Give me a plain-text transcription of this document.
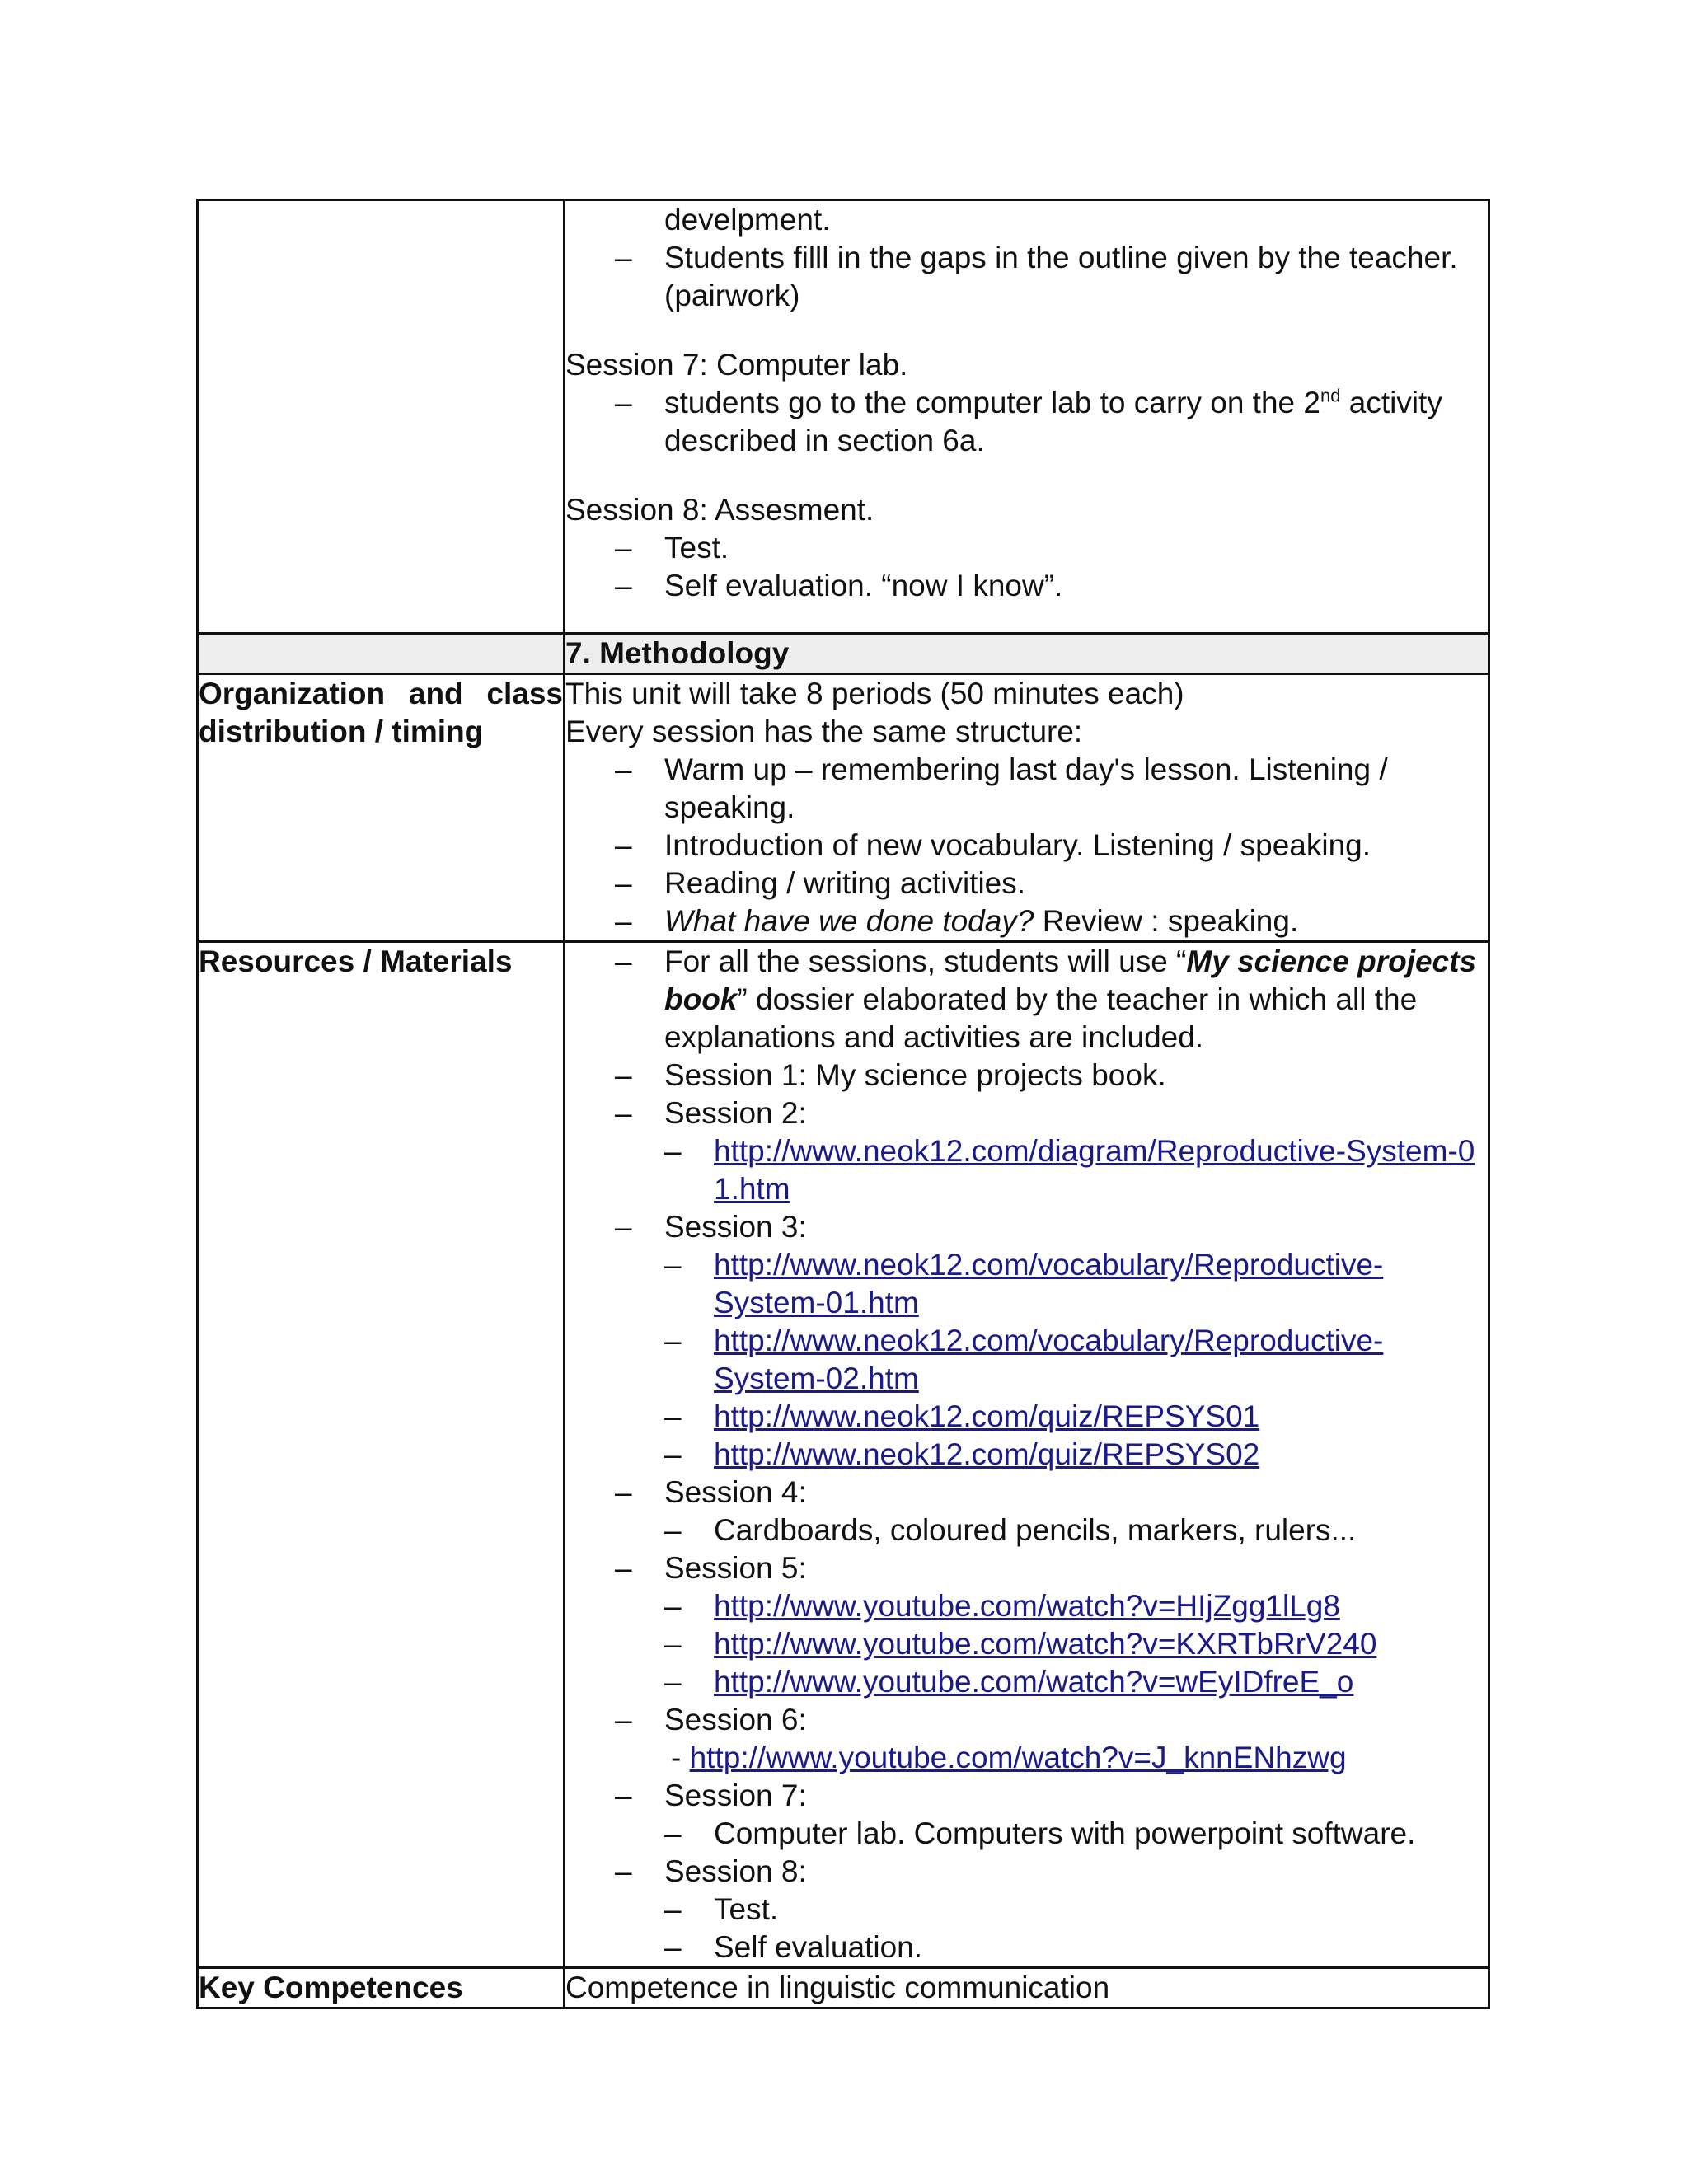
develpment.
– Students filll in the gaps in the outline given by the teacher. (pairwork)
Session 7: Computer lab.
– students go to the computer lab to carry on the 2nd activity described in section 6a.
Session 8: Assesment.
– Test.
– Self evaluation. “now I know”.
7. Methodology
Organization and class
distribution / timing
This unit will take 8 periods (50 minutes each)
Every session has the same structure:
– Warm up – remembering last day's lesson. Listening / speaking.
– Introduction of new vocabulary. Listening / speaking.
– Reading / writing activities.
– What have we done today? Review : speaking.
Resources / Materials	– For all the sessions, students will use “My science projects book” dossier elaborated by the teacher in which all the explanations and activities are included.
– Session 1: My science projects book.
– Session 2:
– http://www.neok12.com/diagram/Reproductive-System-01.htm
– Session 3:
– http://www.neok12.com/vocabulary/Reproductive-System-01.htm
– http://www.neok12.com/vocabulary/Reproductive-System-02.htm
– http://www.neok12.com/quiz/REPSYS01
– http://www.neok12.com/quiz/REPSYS02
– Session 4:
– Cardboards, coloured pencils, markers, rulers...
– Session 5:
– http://www.youtube.com/watch?v=HIjZgg1lLg8
– http://www.youtube.com/watch?v=KXRTbRrV240
– http://www.youtube.com/watch?v=wEyIDfreE_o
– Session 6:
- http://www.youtube.com/watch?v=J_knnENhzwg
– Session 7:
– Computer lab. Computers with powerpoint software.
– Session 8:
– Test.
– Self evaluation.
Key Competences	Competence in linguistic communication
